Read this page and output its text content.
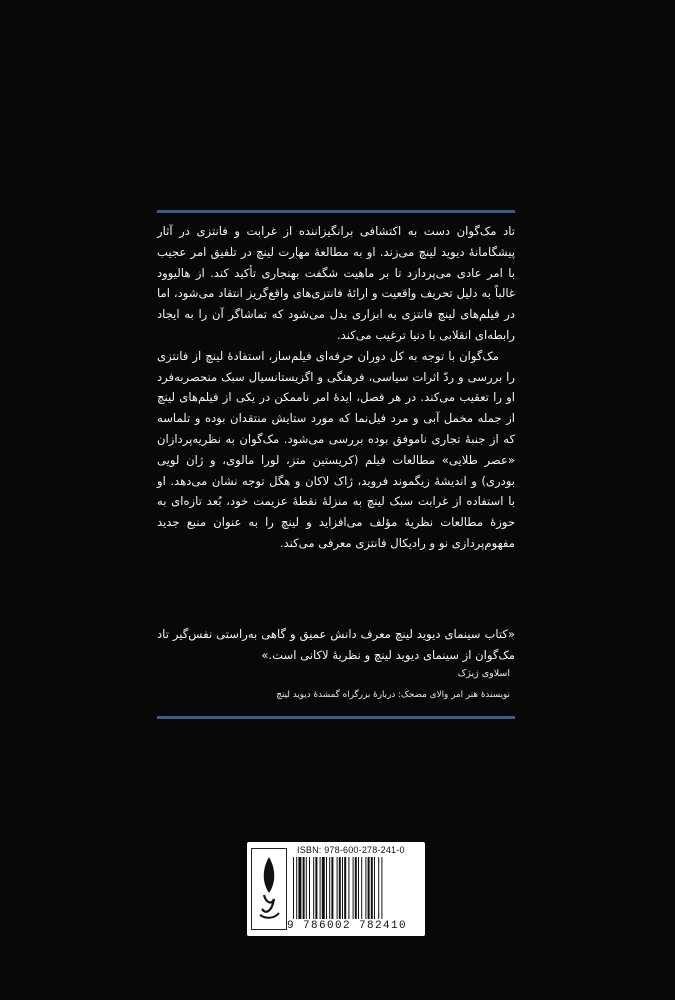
تاد مک‌گوان دست به اکتشافی برانگیزاننده از غرابت و فانتزی در آثار پیشگامانهٔ دیوید لینچ می‌زند. او به مطالعهٔ مهارت لینچ در تلفیق امر عجیب با امر عادی می‌پردازد تا بر ماهیت شگفت بهنجاری تأکید کند. از هالیوود غالباً به دلیل تحریف واقعیت و ارائهٔ فانتزی‌های واقع‌گریز انتقاد می‌شود، اما در فیلم‌های لینچ فانتزی به ابزاری بدل می‌شود که تماشاگر آن را به ایجاد رابطه‌ای انقلابی با دنیا ترغیب می‌کند.

مک‌گوان با توجه به کل دوران حرفه‌ای فیلم‌ساز، استفادهٔ لینچ از فانتزی را بررسی و ردّ اثرات سیاسی، فرهنگی و اگزیستانسیال سبک منحصربه‌فرد او را تعقیب می‌کند. در هر فصل، ایدهٔ امر ناممکن در یکی از فیلم‌های لینچ از جمله مخمل آبی و مرد فیل‌نما که مورد ستایش منتقدان بوده و تلماسه که از جنبهٔ تجاری ناموفق بوده بررسی می‌شود. مک‌گوان به نظریه‌پردازان «عصر طلایی» مطالعات فیلم (کریستین متز، لورا مالوی، و ژان لویی بودری) و اندیشهٔ زیگموند فروید، ژاک لاکان و هگل توجه نشان می‌دهد. او با استفاده از غرابت سبک لینچ به منزلهٔ نقطهٔ عزیمت خود، بُعد تازه‌ای به حوزهٔ مطالعات نظریهٔ مؤلف می‌افزاید و لینچ را به عنوان منبع جدید مفهوم‌پردازی نو و رادیکال فانتزی معرفی می‌کند.

«کتاب سینمای دیوید لینچ معرف دانش عمیق و گاهی به‌راستی نفس‌گیر تاد مک‌گوان از سینمای دیوید لینچ و نظریهٔ لاکانی است.»
اسلاوی ژیژک
نویسندهٔ هنر امر والای مضحک: دربارهٔ بزرگراه گمشدهٔ دیوید لینچ
ISBN: 978-600-278-241-0
9 786002 782410
